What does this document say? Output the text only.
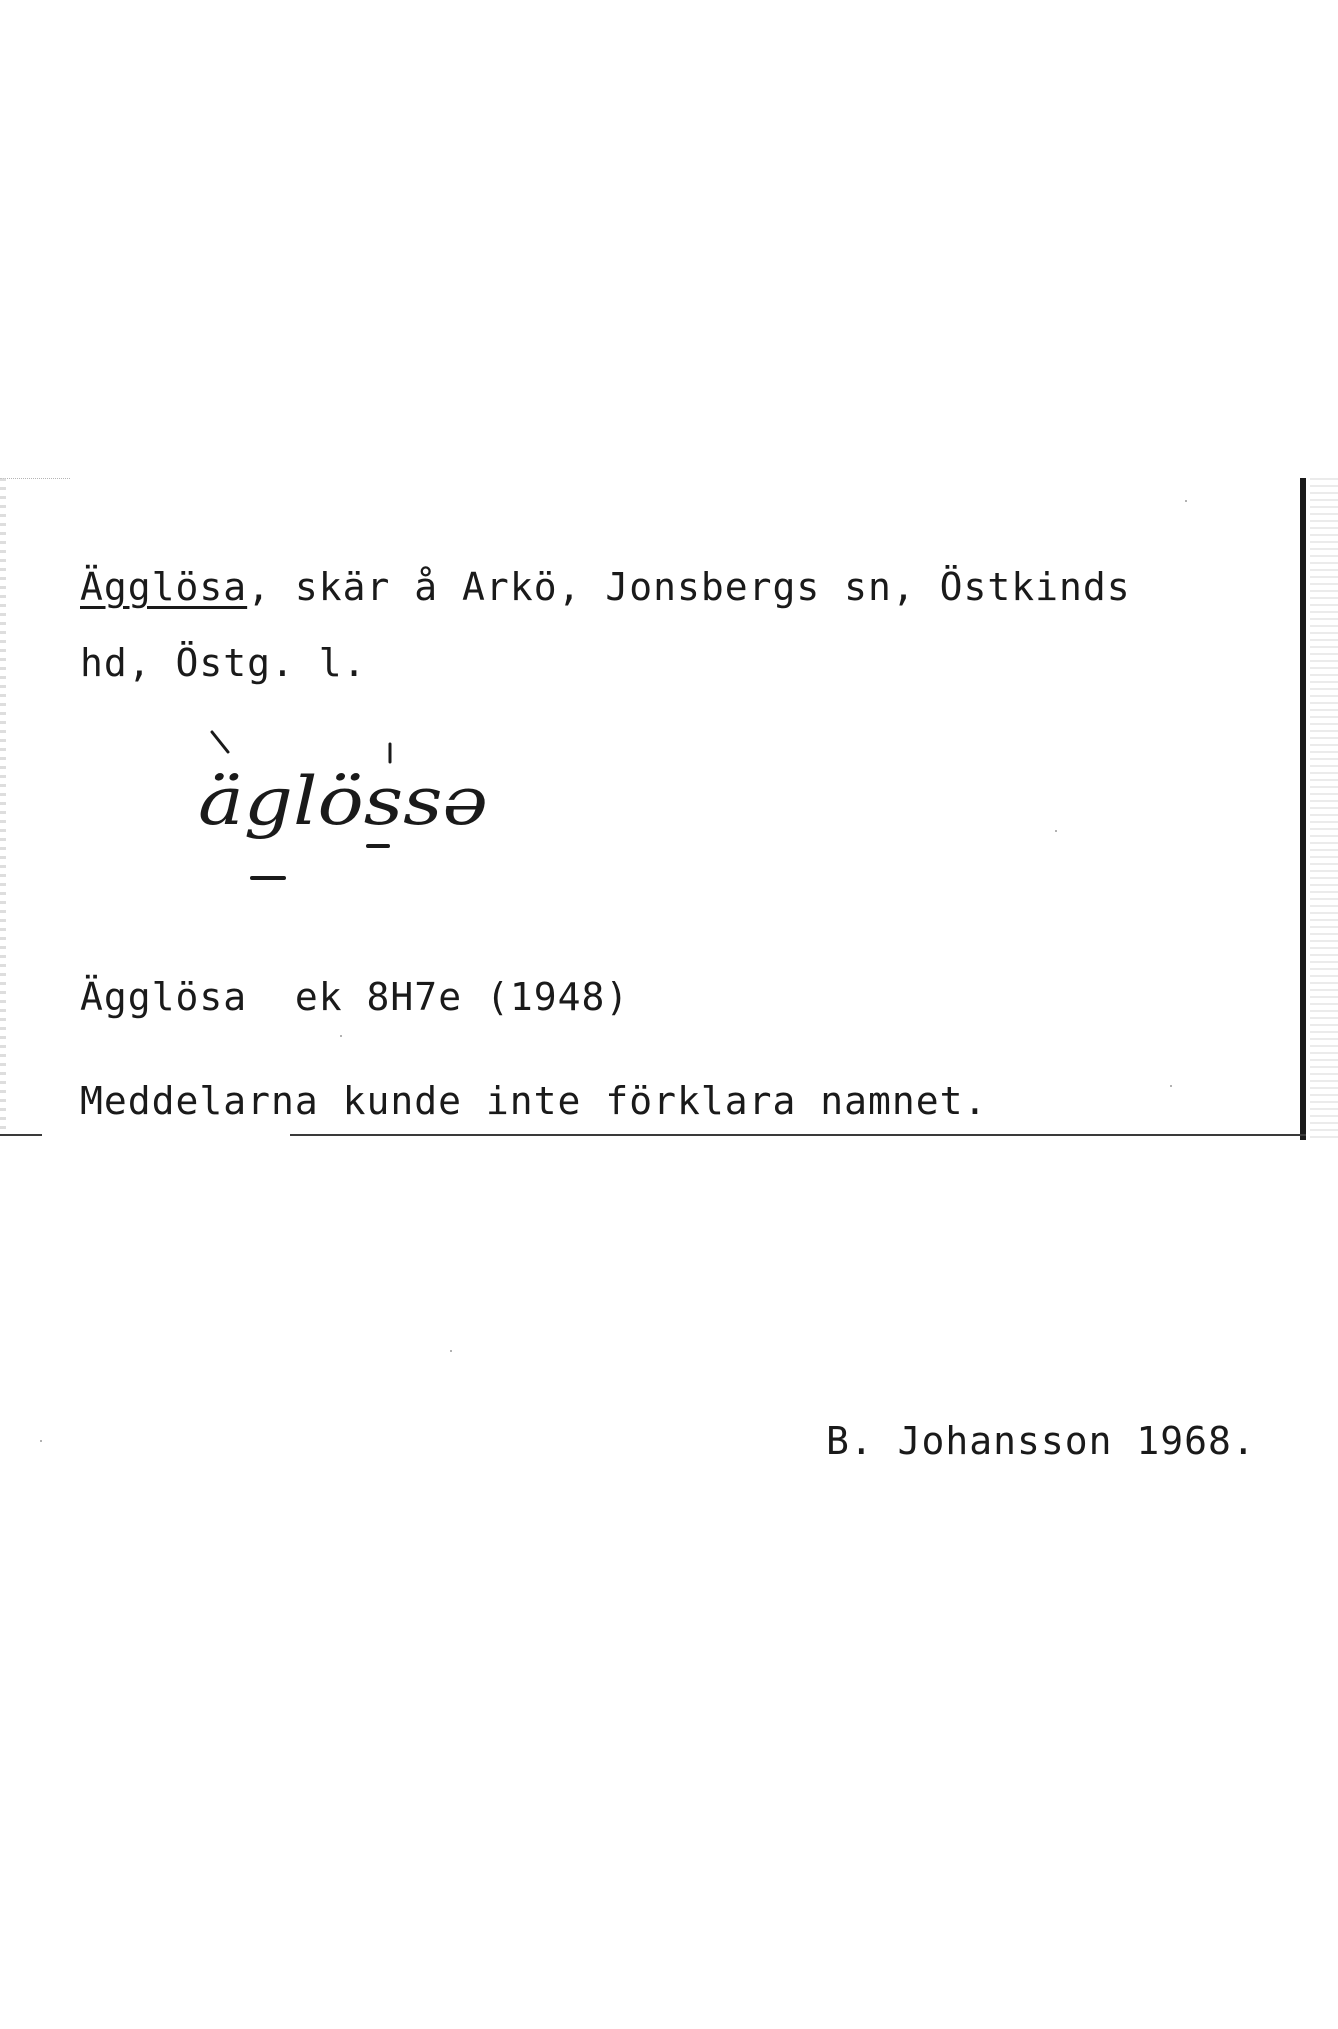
Ägglösa, skär å Arkö, Jonsbergs sn, Östkinds
hd, Östg. l.
äglössə
Ägglösa ek 8H7e (1948)
Meddelarna kunde inte förklara namnet.
B. Johansson 1968.
